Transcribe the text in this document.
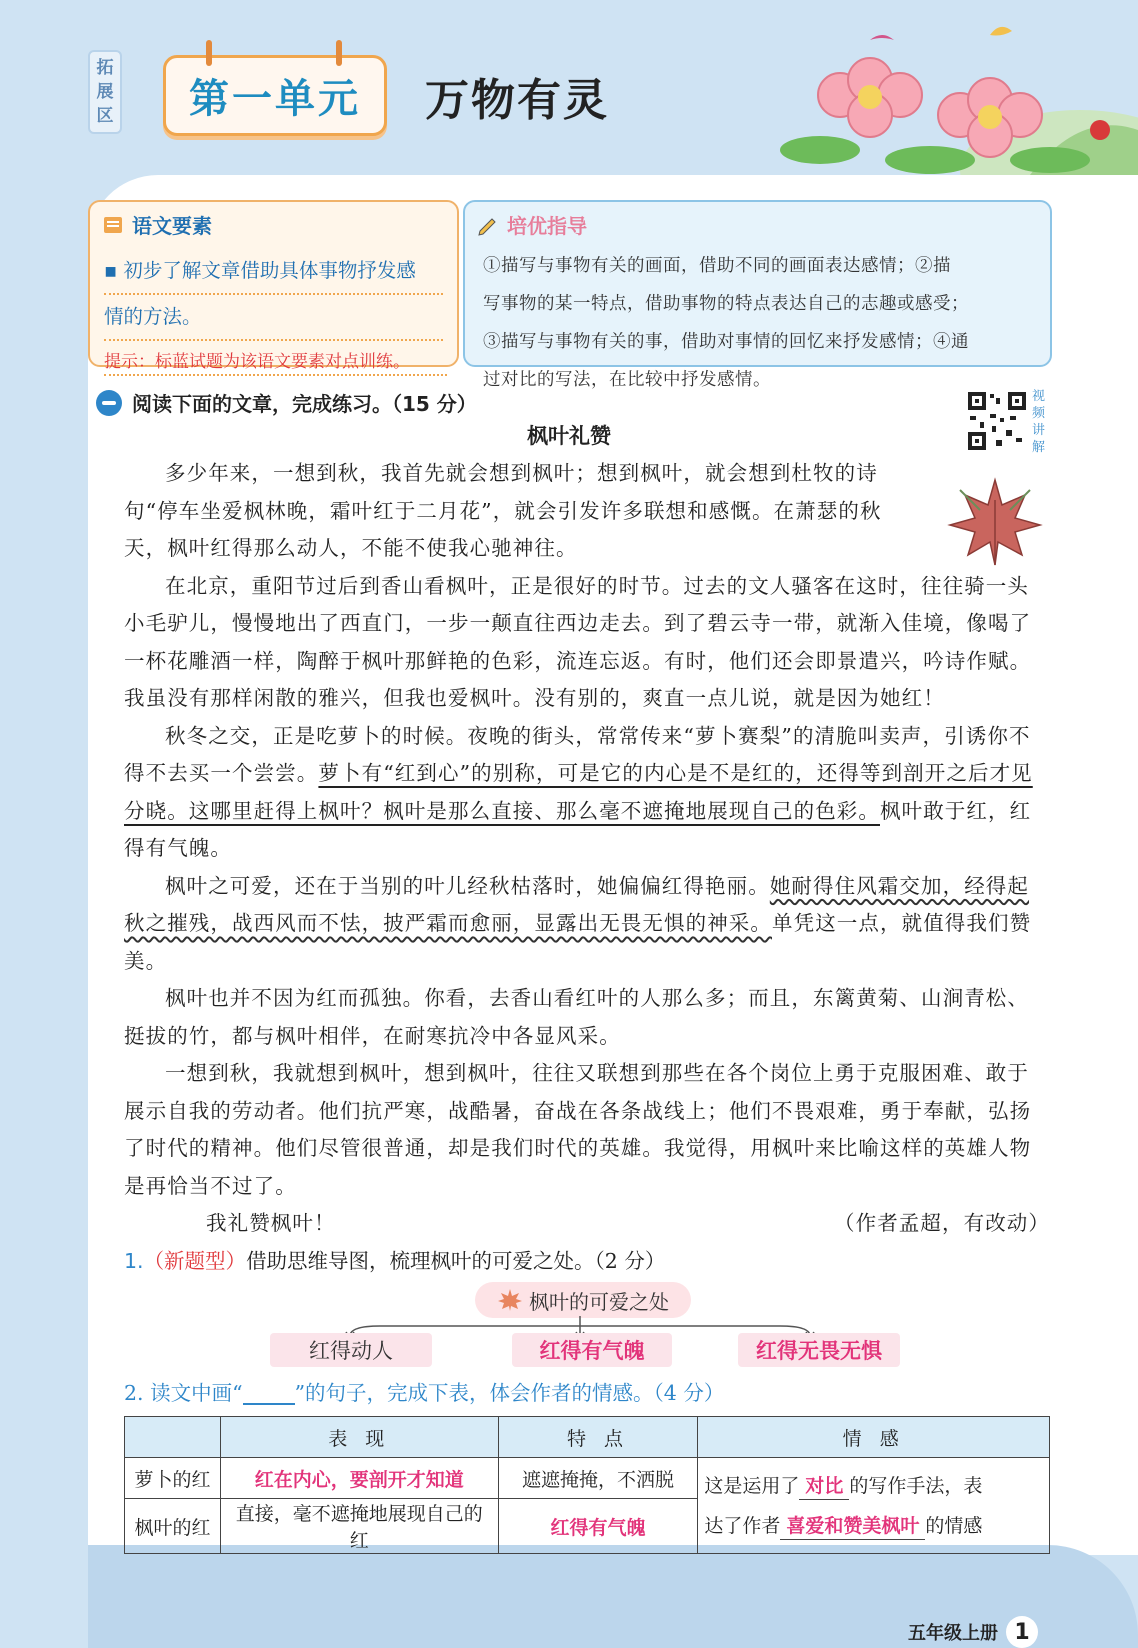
拓
展
区 第一单元 万物有灵
语文要素
▪ 初步了解文章借助具体事物抒发感
情的方法。
提示：标蓝试题为该语文要素对点训练。
培优指导
①描写与事物有关的画面，借助不同的画面表达感情；②描
写事物的某一特点，借助事物的特点表达自己的志趣或感受；
③描写与事物有关的事，借助对事情的回忆来抒发感情；④通
过对比的写法，在比较中抒发感情。
阅读下面的文章，完成练习。（15 分）	视
频
讲
解
枫叶礼赞

多少年来，一想到秋，我首先就会想到枫叶；想到枫叶，就会想到杜牧的诗句“停车坐爱枫林晚，霜叶红于二月花”，就会引发许多联想和感慨。在萧瑟的秋天，枫叶红得那么动人，不能不使我心驰神往。

在北京，重阳节过后到香山看枫叶，正是很好的时节。过去的文人骚客在这时，往往骑一头小毛驴儿，慢慢地出了西直门，一步一颠直往西边走去。到了碧云寺一带，就渐入佳境，像喝了一杯花雕酒一样，陶醉于枫叶那鲜艳的色彩，流连忘返。有时，他们还会即景遣兴，吟诗作赋。我虽没有那样闲散的雅兴，但我也爱枫叶。没有别的，爽直一点儿说，就是因为她红！

秋冬之交，正是吃萝卜的时候。夜晚的街头，常常传来“萝卜赛梨”的清脆叫卖声，引诱你不得不去买一个尝尝。萝卜有“红到心”的别称，可是它的内心是不是红的，还得等到剖开之后才见分晓。这哪里赶得上枫叶？枫叶是那么直接、那么毫不遮掩地展现自己的色彩。枫叶敢于红，红得有气魄。

枫叶之可爱，还在于当别的叶儿经秋枯落时，她偏偏红得艳丽。她耐得住风霜交加，经得起秋之摧残，战西风而不怯，披严霜而愈丽，显露出无畏无惧的神采。单凭这一点，就值得我们赞美。

枫叶也并不因为红而孤独。你看，去香山看红叶的人那么多；而且，东篱黄菊、山涧青松、挺拔的竹，都与枫叶相伴，在耐寒抗冷中各显风采。

一想到秋，我就想到枫叶，想到枫叶，往往又联想到那些在各个岗位上勇于克服困难、敢于展示自我的劳动者。他们抗严寒，战酷暑，奋战在各条战线上；他们不畏艰难，勇于奉献，弘扬了时代的精神。他们尽管很普通，却是我们时代的英雄。我觉得，用枫叶来比喻这样的英雄人物是再恰当不过了。

我礼赞枫叶！	（作者孟超，有改动）

1.（新题型）借助思维导图，梳理枫叶的可爱之处。（2 分）
枫叶的可爱之处
红得动人	红得有气魄	红得无畏无惧
2. 读文中画“	”的句子，完成下表，体会作者的情感。（4 分）
	表 现	特 点	情 感
萝卜的红	红在内心，要剖开才知道	遮遮掩掩，不洒脱	这是运用了 对比 的写作手法，表
达了作者 喜爱和赞美枫叶 的情感

枫叶的红	直接，毫不遮掩地展现自己的红	红得有气魄	
五年级上册 1
